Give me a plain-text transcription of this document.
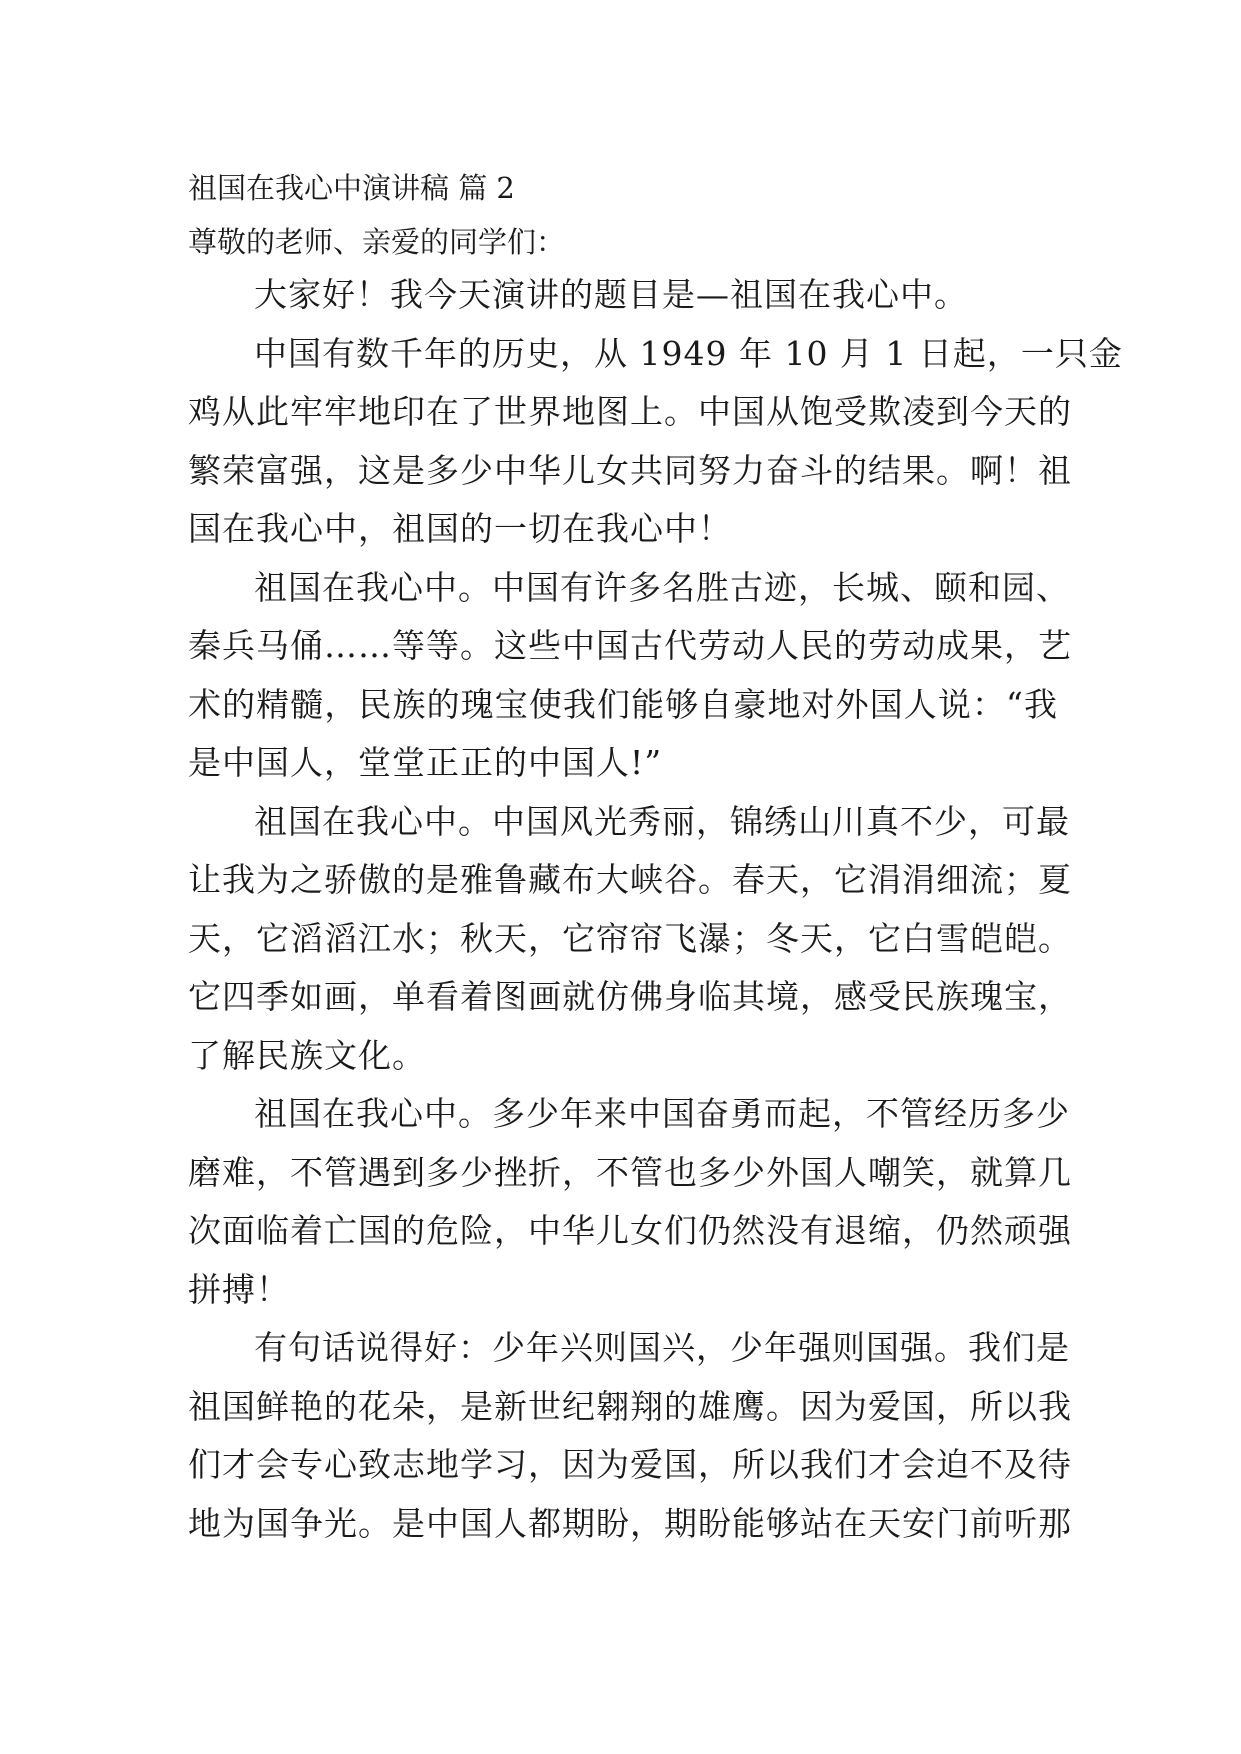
祖国在我心中演讲稿 篇 2
尊敬的老师、亲爱的同学们：
大家好！我今天演讲的题目是—祖国在我心中。
中国有数千年的历史，从 1949 年 10 月 1 日起，一只金
鸡从此牢牢地印在了世界地图上。中国从饱受欺凌到今天的
繁荣富强，这是多少中华儿女共同努力奋斗的结果。啊！祖
国在我心中，祖国的一切在我心中！
祖国在我心中。中国有许多名胜古迹，长城、颐和园、
秦兵马俑……等等。这些中国古代劳动人民的劳动成果，艺
术的精髓，民族的瑰宝使我们能够自豪地对外国人说：“我
是中国人，堂堂正正的中国人!”
祖国在我心中。中国风光秀丽，锦绣山川真不少，可最
让我为之骄傲的是雅鲁藏布大峡谷。春天，它涓涓细流；夏
天，它滔滔江水；秋天，它帘帘飞瀑；冬天，它白雪皑皑。
它四季如画，单看着图画就仿佛身临其境，感受民族瑰宝，
了解民族文化。
祖国在我心中。多少年来中国奋勇而起，不管经历多少
磨难，不管遇到多少挫折，不管也多少外国人嘲笑，就算几
次面临着亡国的危险，中华儿女们仍然没有退缩，仍然顽强
拼搏！
有句话说得好：少年兴则国兴，少年强则国强。我们是
祖国鲜艳的花朵，是新世纪翱翔的雄鹰。因为爱国，所以我
们才会专心致志地学习，因为爱国，所以我们才会迫不及待
地为国争光。是中国人都期盼，期盼能够站在天安门前听那
